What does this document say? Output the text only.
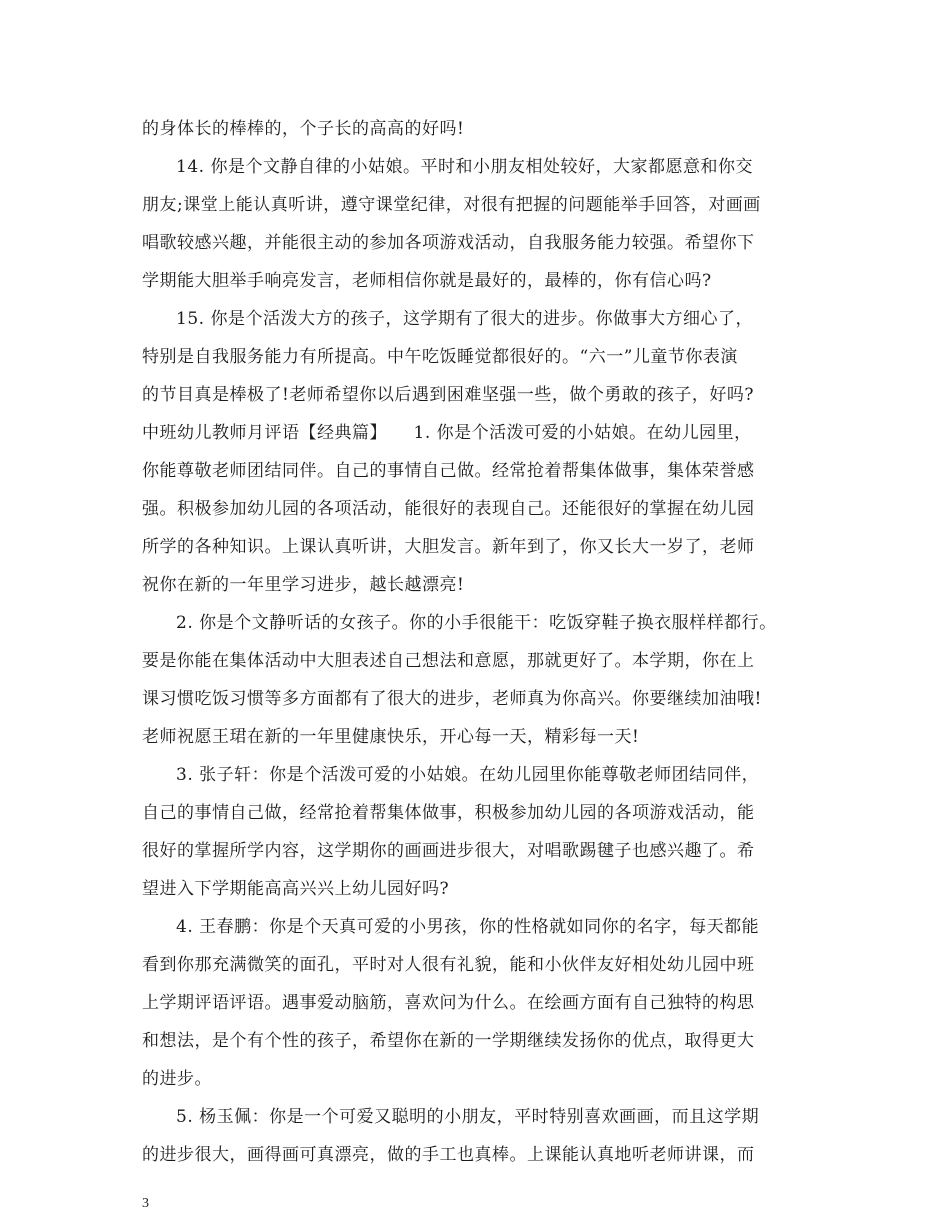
的身体长的棒棒的，个子长的高高的好吗!
14. 你是个文静自律的小姑娘。平时和小朋友相处较好，大家都愿意和你交
朋友;课堂上能认真听讲，遵守课堂纪律，对很有把握的问题能举手回答，对画画
唱歌较感兴趣，并能很主动的参加各项游戏活动，自我服务能力较强。希望你下
学期能大胆举手响亮发言，老师相信你就是最好的，最棒的，你有信心吗?
15. 你是个活泼大方的孩子，这学期有了很大的进步。你做事大方细心了，
特别是自我服务能力有所提高。中午吃饭睡觉都很好的。“六一”儿童节你表演
的节目真是棒极了!老师希望你以后遇到困难坚强一些，做个勇敢的孩子，好吗?
中班幼儿教师月评语【经典篇】　　1. 你是个活泼可爱的小姑娘。在幼儿园里，
你能尊敬老师团结同伴。自己的事情自己做。经常抢着帮集体做事，集体荣誉感
强。积极参加幼儿园的各项活动，能很好的表现自己。还能很好的掌握在幼儿园
所学的各种知识。上课认真听讲，大胆发言。新年到了，你又长大一岁了，老师
祝你在新的一年里学习进步，越长越漂亮!
2. 你是个文静听话的女孩子。你的小手很能干：吃饭穿鞋子换衣服样样都行。
要是你能在集体活动中大胆表述自己想法和意愿，那就更好了。本学期，你在上
课习惯吃饭习惯等多方面都有了很大的进步，老师真为你高兴。你要继续加油哦!
老师祝愿王珺在新的一年里健康快乐，开心每一天，精彩每一天!
3. 张子轩：你是个活泼可爱的小姑娘。在幼儿园里你能尊敬老师团结同伴，
自己的事情自己做，经常抢着帮集体做事，积极参加幼儿园的各项游戏活动，能
很好的掌握所学内容，这学期你的画画进步很大，对唱歌踢毽子也感兴趣了。希
望进入下学期能高高兴兴上幼儿园好吗?
4. 王春鹏：你是个天真可爱的小男孩，你的性格就如同你的名字，每天都能
看到你那充满微笑的面孔，平时对人很有礼貌，能和小伙伴友好相处幼儿园中班
上学期评语评语。遇事爱动脑筋，喜欢问为什么。在绘画方面有自己独特的构思
和想法，是个有个性的孩子，希望你在新的一学期继续发扬你的优点，取得更大
的进步。
5. 杨玉佩：你是一个可爱又聪明的小朋友，平时特别喜欢画画，而且这学期
的进步很大，画得画可真漂亮，做的手工也真棒。上课能认真地听老师讲课，而
3
